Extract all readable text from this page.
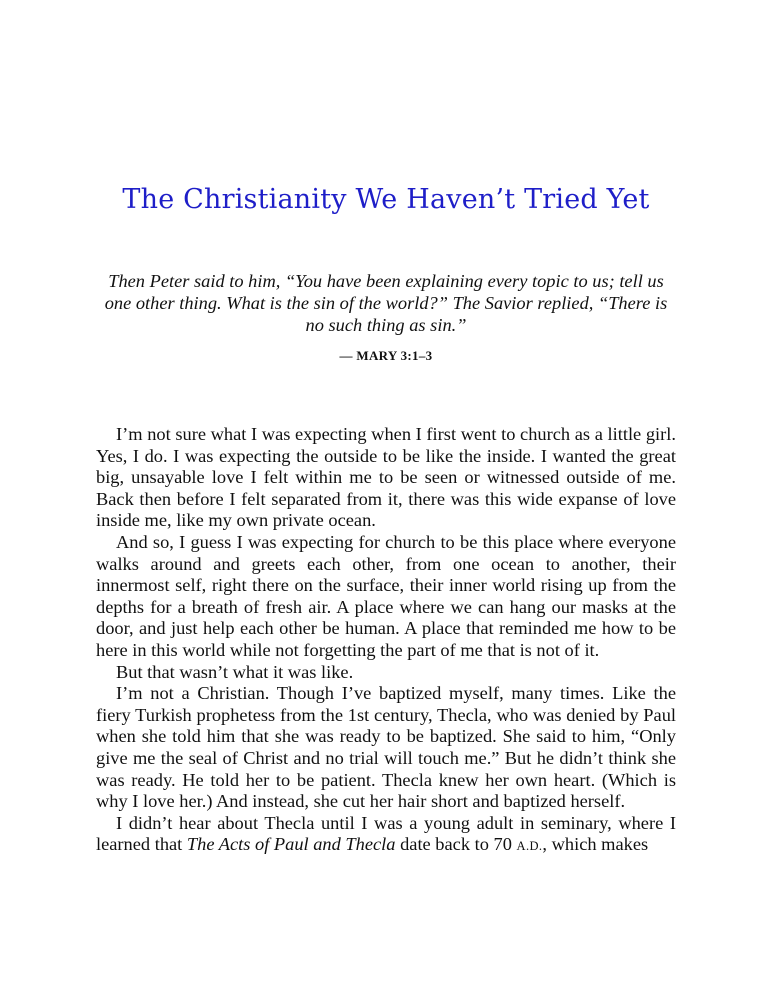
The Christianity We Haven’t Tried Yet

Then Peter said to him, “You have been explaining every topic to us; tell us one other thing. What is the sin of the world?” The Savior replied, “There is no such thing as sin.”

— MARY 3:1–3

I’m not sure what I was expecting when I first went to church as a little girl. Yes, I do. I was expecting the outside to be like the inside. I wanted the great big, unsayable love I felt within me to be seen or witnessed outside of me. Back then before I felt separated from it, there was this wide expanse of love inside me, like my own private ocean.

And so, I guess I was expecting for church to be this place where everyone walks around and greets each other, from one ocean to another, their innermost self, right there on the surface, their inner world rising up from the depths for a breath of fresh air. A place where we can hang our masks at the door, and just help each other be human. A place that reminded me how to be here in this world while not forgetting the part of me that is not of it.

But that wasn’t what it was like.

I’m not a Christian. Though I’ve baptized myself, many times. Like the fiery Turkish prophetess from the 1st century, Thecla, who was denied by Paul when she told him that she was ready to be baptized. She said to him, “Only give me the seal of Christ and no trial will touch me.” But he didn’t think she was ready. He told her to be patient. Thecla knew her own heart. (Which is why I love her.) And instead, she cut her hair short and baptized herself.

I didn’t hear about Thecla until I was a young adult in seminary, where I learned that The Acts of Paul and Thecla date back to 70 A.D., which makes
